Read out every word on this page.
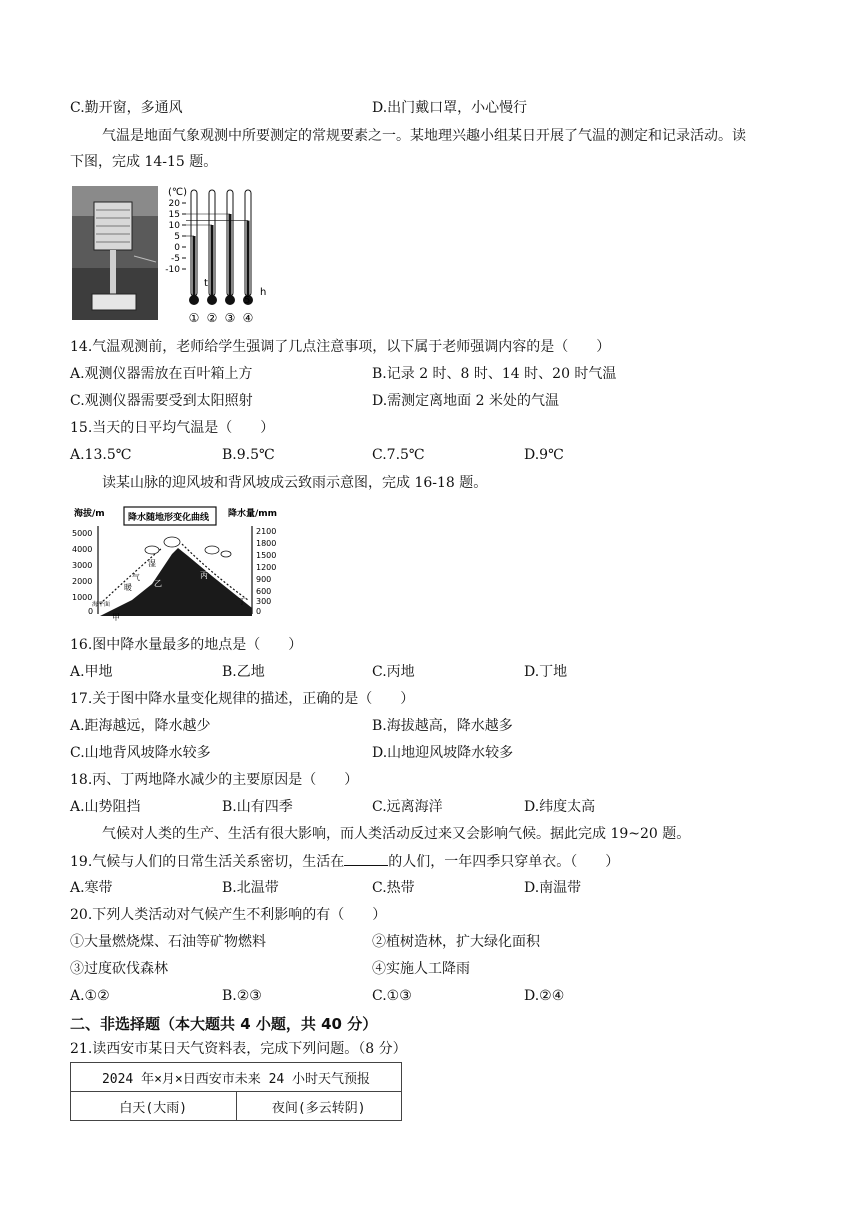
C.勤开窗，多通风	D.出门戴口罩，小心慢行
气温是地面气象观测中所要测定的常规要素之一。某地理兴趣小组某日开展了气温的测定和记录活动。读
下图，完成 14-15 题。
(℃)
20
15
10
5
0
-5
-10
① ② ③ ④
t
5
h
14.气温观测前，老师给学生强调了几点注意事项，以下属于老师强调内容的是（　　）
A.观测仪器需放在百叶箱上方	B.记录 2 时、8 时、14 时、20 时气温
C.观测仪器需要受到太阳照射	D.需测定离地面 2 米处的气温
15.当天的日平均气温是（　　）
A.13.5℃	B.9.5℃	C.7.5℃	D.9℃
读某山脉的迎风坡和背风坡成云致雨示意图，完成 16-18 题。
海拔/m	降水量/mm
降水随地形变化曲线
5000
4000
3000
2000
1000
0
2100
1800
1500
1200
900
600
300
0
湿
气
暖	乙
丙
丁
甲
海平面
16.图中降水量最多的地点是（　　）
A.甲地	B.乙地	C.丙地	D.丁地
17.关于图中降水量变化规律的描述，正确的是（　　）
A.距海越远，降水越少	B.海拔越高，降水越多
C.山地背风坡降水较多	D.山地迎风坡降水较多
18.丙、丁两地降水减少的主要原因是（　　）
A.山势阻挡	B.山有四季	C.远离海洋	D.纬度太高
气候对人类的生产、生活有很大影响，而人类活动反过来又会影响气候。据此完成 19~20 题。
19.气候与人们的日常生活关系密切，生活在	的人们，一年四季只穿单衣。（　　）
A.寒带	B.北温带	C.热带	D.南温带
20.下列人类活动对气候产生不利影响的有（　　）
①大量燃烧煤、石油等矿物燃料	②植树造林，扩大绿化面积
③过度砍伐森林	④实施人工降雨
A.①②	B.②③	C.①③	D.②④
二、非选择题（本大题共 4 小题，共 40 分）
21.读西安市某日天气资料表，完成下列问题。（8 分）
2024 年×月×日西安市未来 24 小时天气预报
白天(大雨)	夜间(多云转阴)
